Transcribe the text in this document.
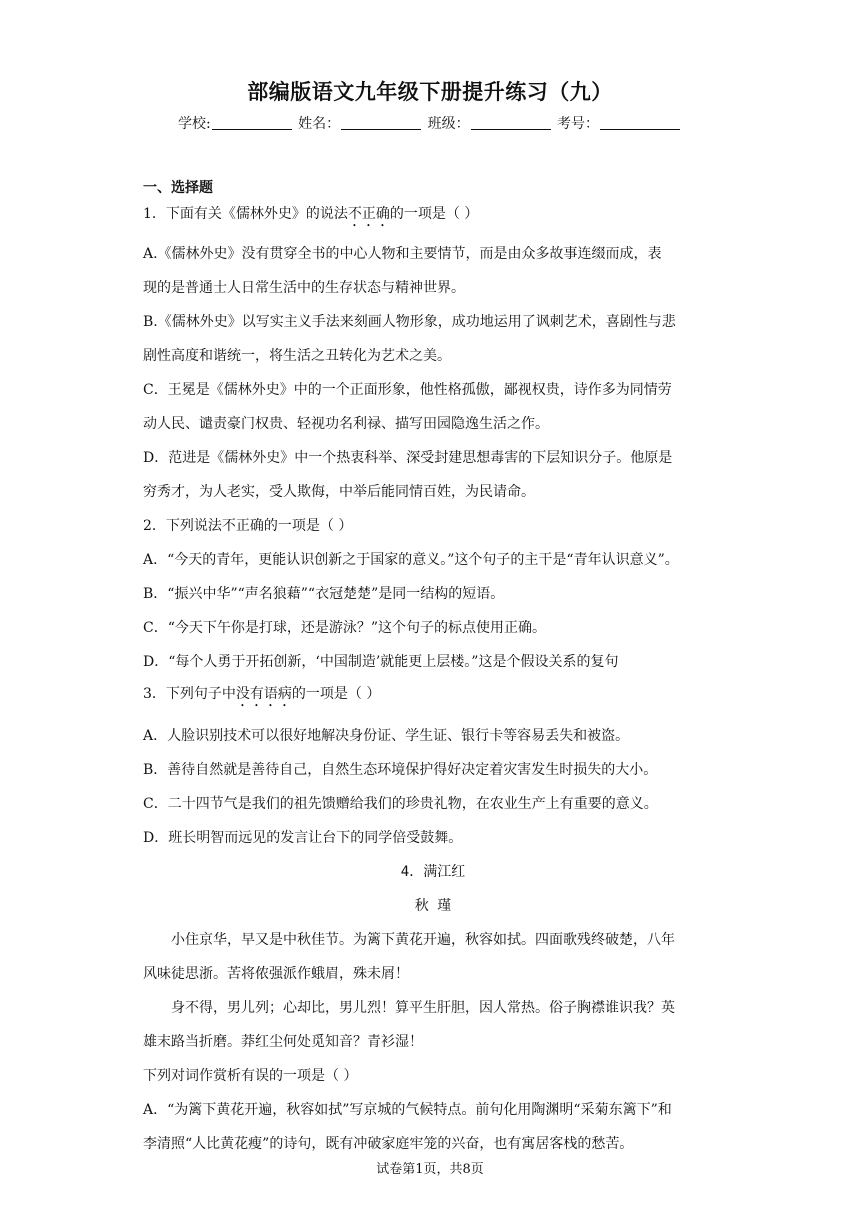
部编版语文九年级下册提升练习（九）
学校:	姓名：	班级：	考号：
一、选择题
1．下面有关《儒林外史》的说法不正确的一项是（ ）
A.《儒林外史》没有贯穿全书的中心人物和主要情节，而是由众多故事连缀而成，表
现的是普通士人日常生活中的生存状态与精神世界。
B.《儒林外史》以写实主义手法来刻画人物形象，成功地运用了讽刺艺术，喜剧性与悲
剧性高度和谐统一，将生活之丑转化为艺术之美。
C．王冕是《儒林外史》中的一个正面形象，他性格孤傲，鄙视权贵，诗作多为同情劳
动人民、谴责豪门权贵、轻视功名利禄、描写田园隐逸生活之作。
D．范进是《儒林外史》中一个热衷科举、深受封建思想毒害的下层知识分子。他原是
穷秀才，为人老实，受人欺侮，中举后能同情百姓，为民请命。
2．下列说法不正确的一项是（ ）
A．“今天的青年，更能认识创新之于国家的意义。”这个句子的主干是“青年认识意义”。
B．“振兴中华”“声名狼藉”“衣冠楚楚”是同一结构的短语。
C．“今天下午你是打球，还是游泳？”这个句子的标点使用正确。
D．“每个人勇于开拓创新，‘中国制造’就能更上层楼。”这是个假设关系的复句
3．下列句子中没有语病的一项是（ ）
A．人脸识别技术可以很好地解决身份证、学生证、银行卡等容易丢失和被盗。
B．善待自然就是善待自己，自然生态环境保护得好决定着灾害发生时损失的大小。
C．二十四节气是我们的祖先馈赠给我们的珍贵礼物，在农业生产上有重要的意义。
D．班长明智而远见的发言让台下的同学倍受鼓舞。
4．满江红
秋 瑾
小住京华，早又是中秋佳节。为篱下黄花开遍，秋容如拭。四面歌残终破楚，八年
风味徒思浙。苦将侬强派作蛾眉，殊未屑！
身不得，男儿列；心却比，男儿烈！算平生肝胆，因人常热。俗子胸襟谁识我？英
雄末路当折磨。莽红尘何处觅知音？青衫湿！
下列对词作赏析有误的一项是（ ）
A．“为篱下黄花开遍，秋容如拭”写京城的气候特点。前句化用陶渊明“采菊东篱下”和
李清照“人比黄花瘦”的诗句，既有冲破家庭牢笼的兴奋，也有寓居客栈的愁苦。
试卷第1页，共8页
